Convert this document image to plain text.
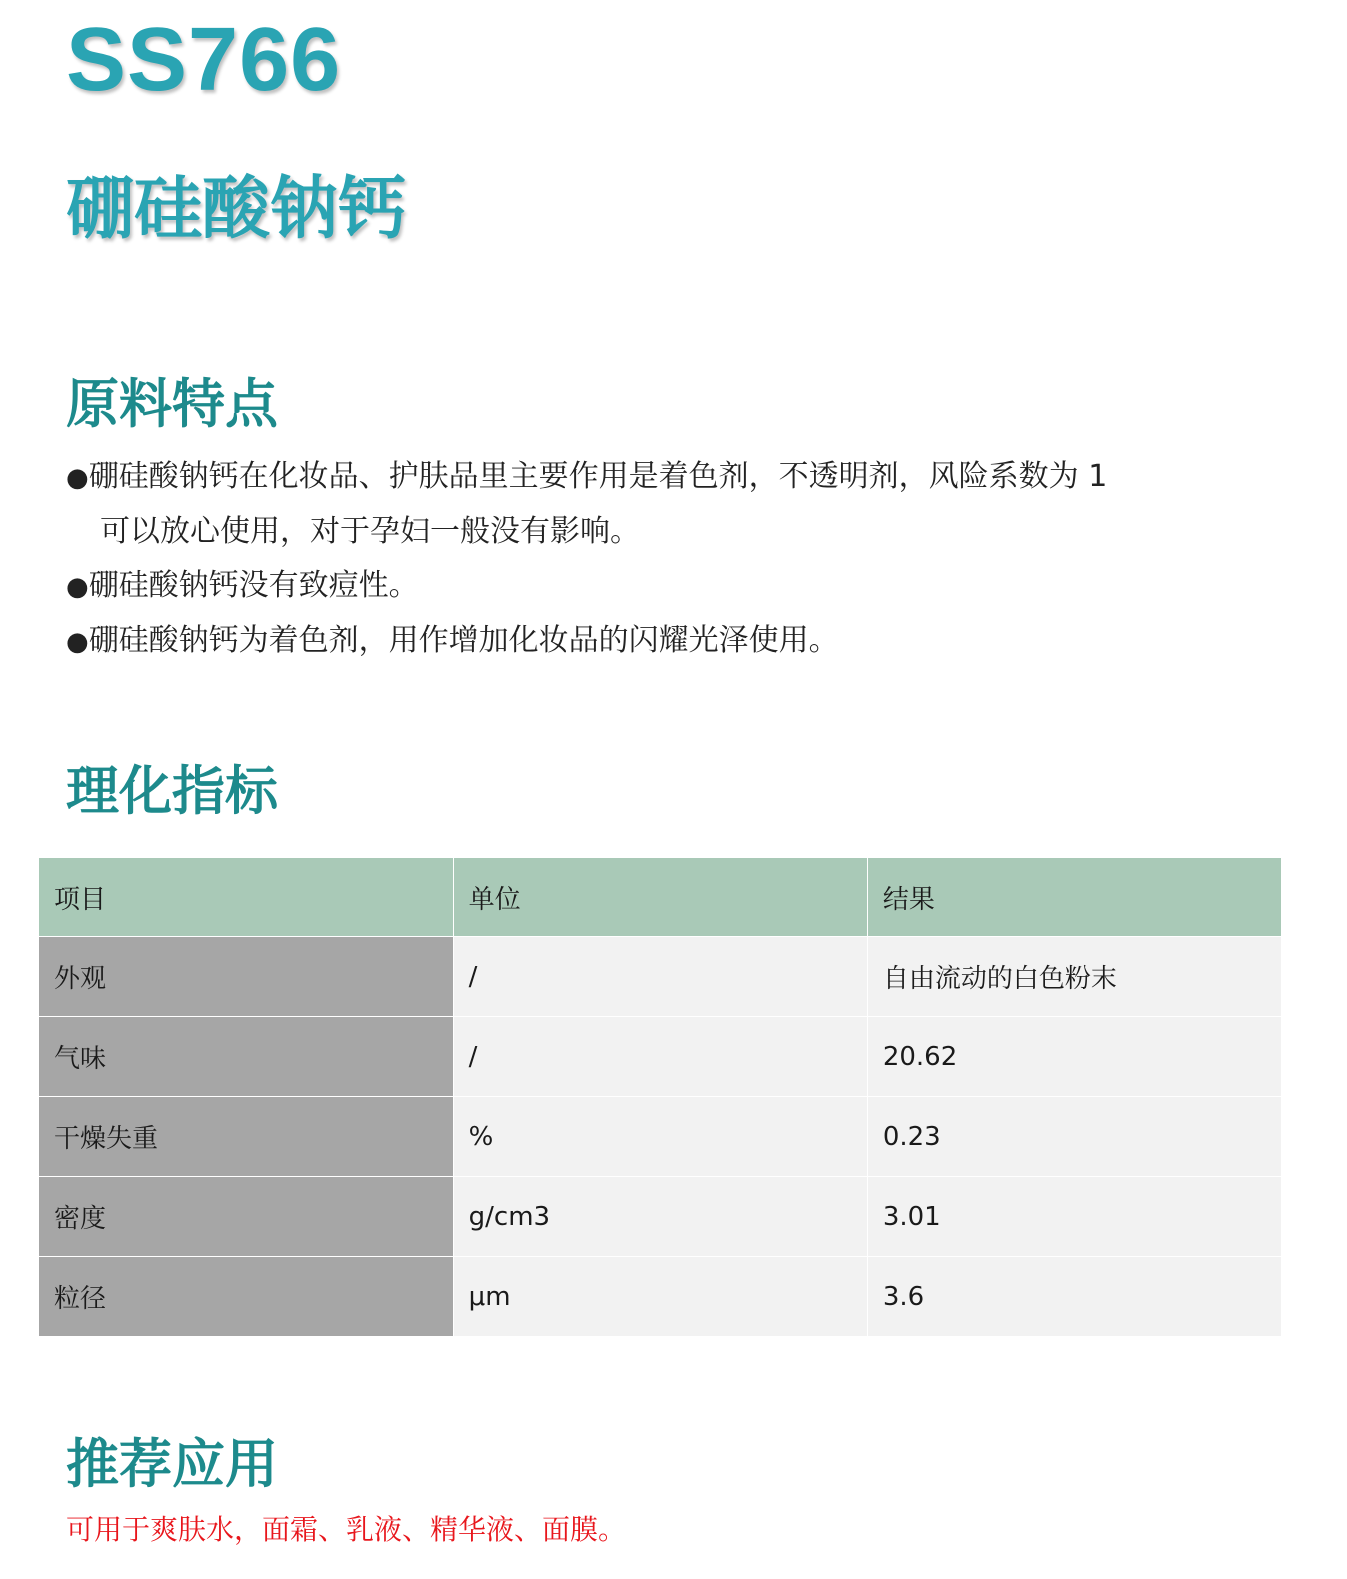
SS766
硼硅酸钠钙
原料特点
●硼硅酸钠钙在化妆品、护肤品里主要作用是着色剂，不透明剂，风险系数为 1
可以放心使用，对于孕妇一般没有影响。
●硼硅酸钠钙没有致痘性。
●硼硅酸钠钙为着色剂，用作增加化妆品的闪耀光泽使用。
理化指标
项目	单位	结果
外观	/	自由流动的白色粉末
气味	/	20.62
干燥失重	%	0.23
密度	g/cm3	3.01
粒径	μm	3.6
推荐应用
可用于爽肤水，面霜、乳液、精华液、面膜。
